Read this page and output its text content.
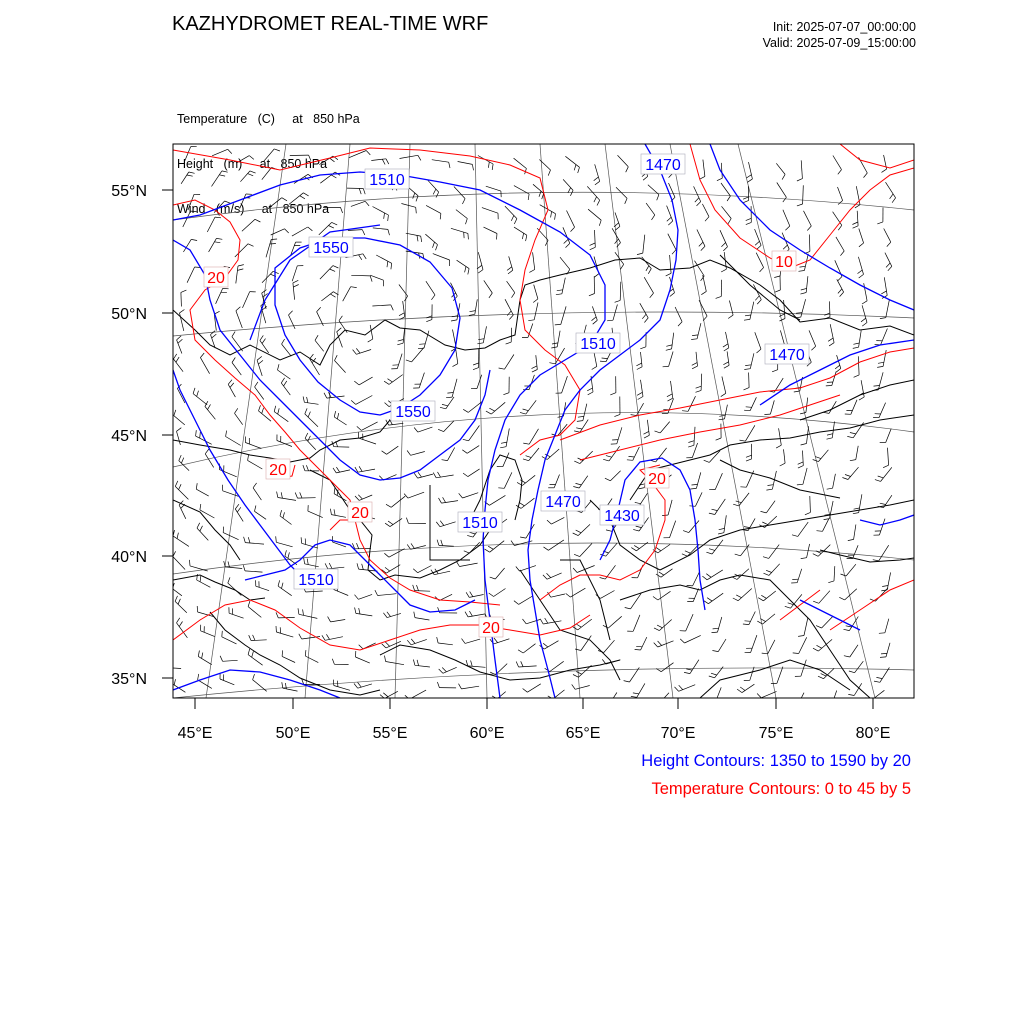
KAZHYDROMET REAL-TIME WRF	Init: 2025-07-07_00:00:00
Valid: 2025-07-09_15:00:00

Temperature   (C)     at   850 hPa

Height   (m)     at   850 hPa

Wind   (m/s)     at   850 hPa

55°N
50°N
45°N
40°N
35°N
45°E	50°E	55°E	60°E	65°E	70°E	75°E	80°E
1510
1550
1470
1510
1470
1550
1510
1470
1430
1510
20
10
20
20
20
20
Height Contours: 1350 to 1590 by 20
Temperature Contours: 0 to 45 by 5
